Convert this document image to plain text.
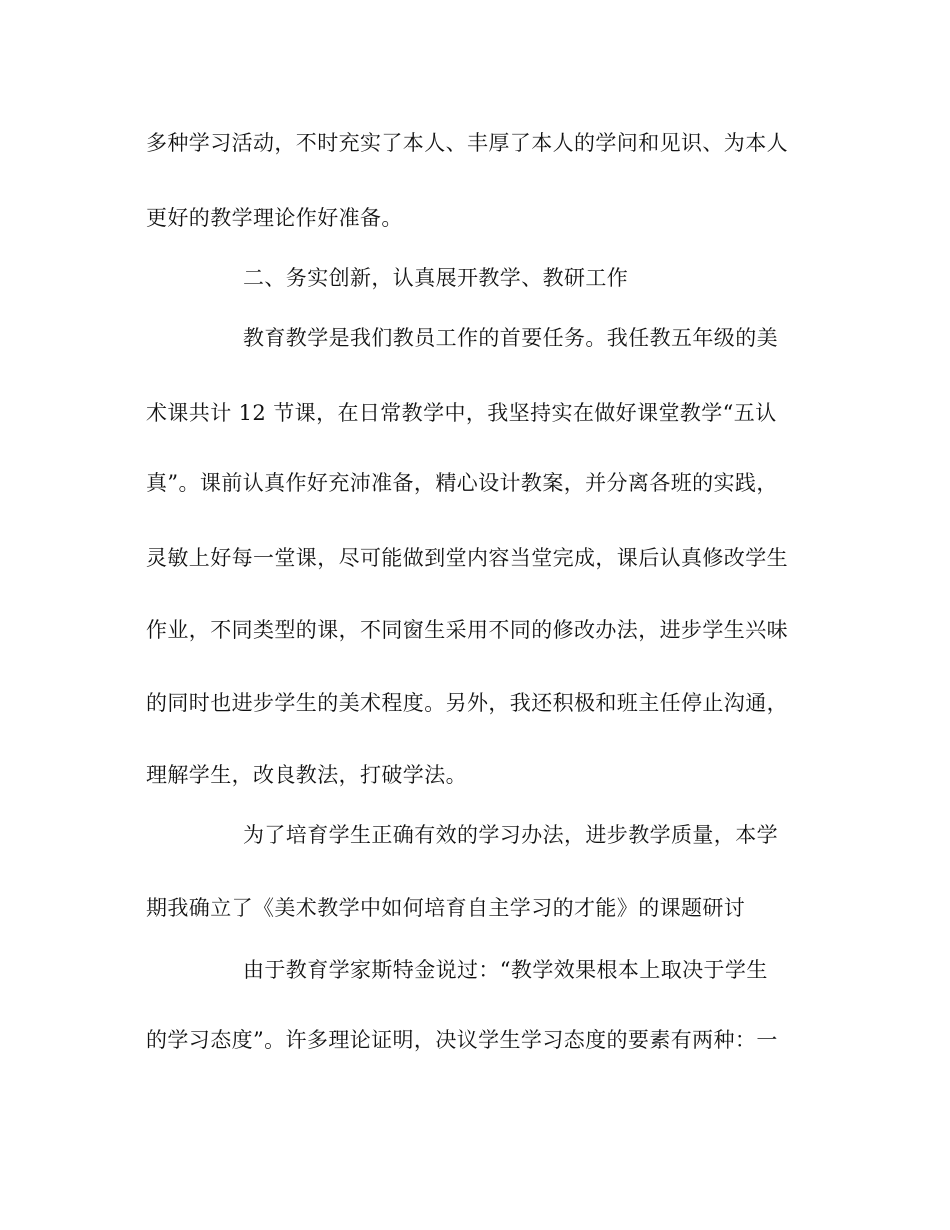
多种学习活动，不时充实了本人、丰厚了本人的学问和见识、为本人
更好的教学理论作好准备。
二、务实创新，认真展开教学、教研工作
教育教学是我们教员工作的首要任务。我任教五年级的美
术课共计 12 节课，在日常教学中，我坚持实在做好课堂教学“五认
真”。课前认真作好充沛准备，精心设计教案，并分离各班的实践，
灵敏上好每一堂课，尽可能做到堂内容当堂完成，课后认真修改学生
作业，不同类型的课，不同窗生采用不同的修改办法，进步学生兴味
的同时也进步学生的美术程度。另外，我还积极和班主任停止沟通，
理解学生，改良教法，打破学法。
为了培育学生正确有效的学习办法，进步教学质量，本学
期我确立了《美术教学中如何培育自主学习的才能》的课题研讨
由于教育学家斯特金说过：“教学效果根本上取决于学生
的学习态度”。许多理论证明，决议学生学习态度的要素有两种：一
